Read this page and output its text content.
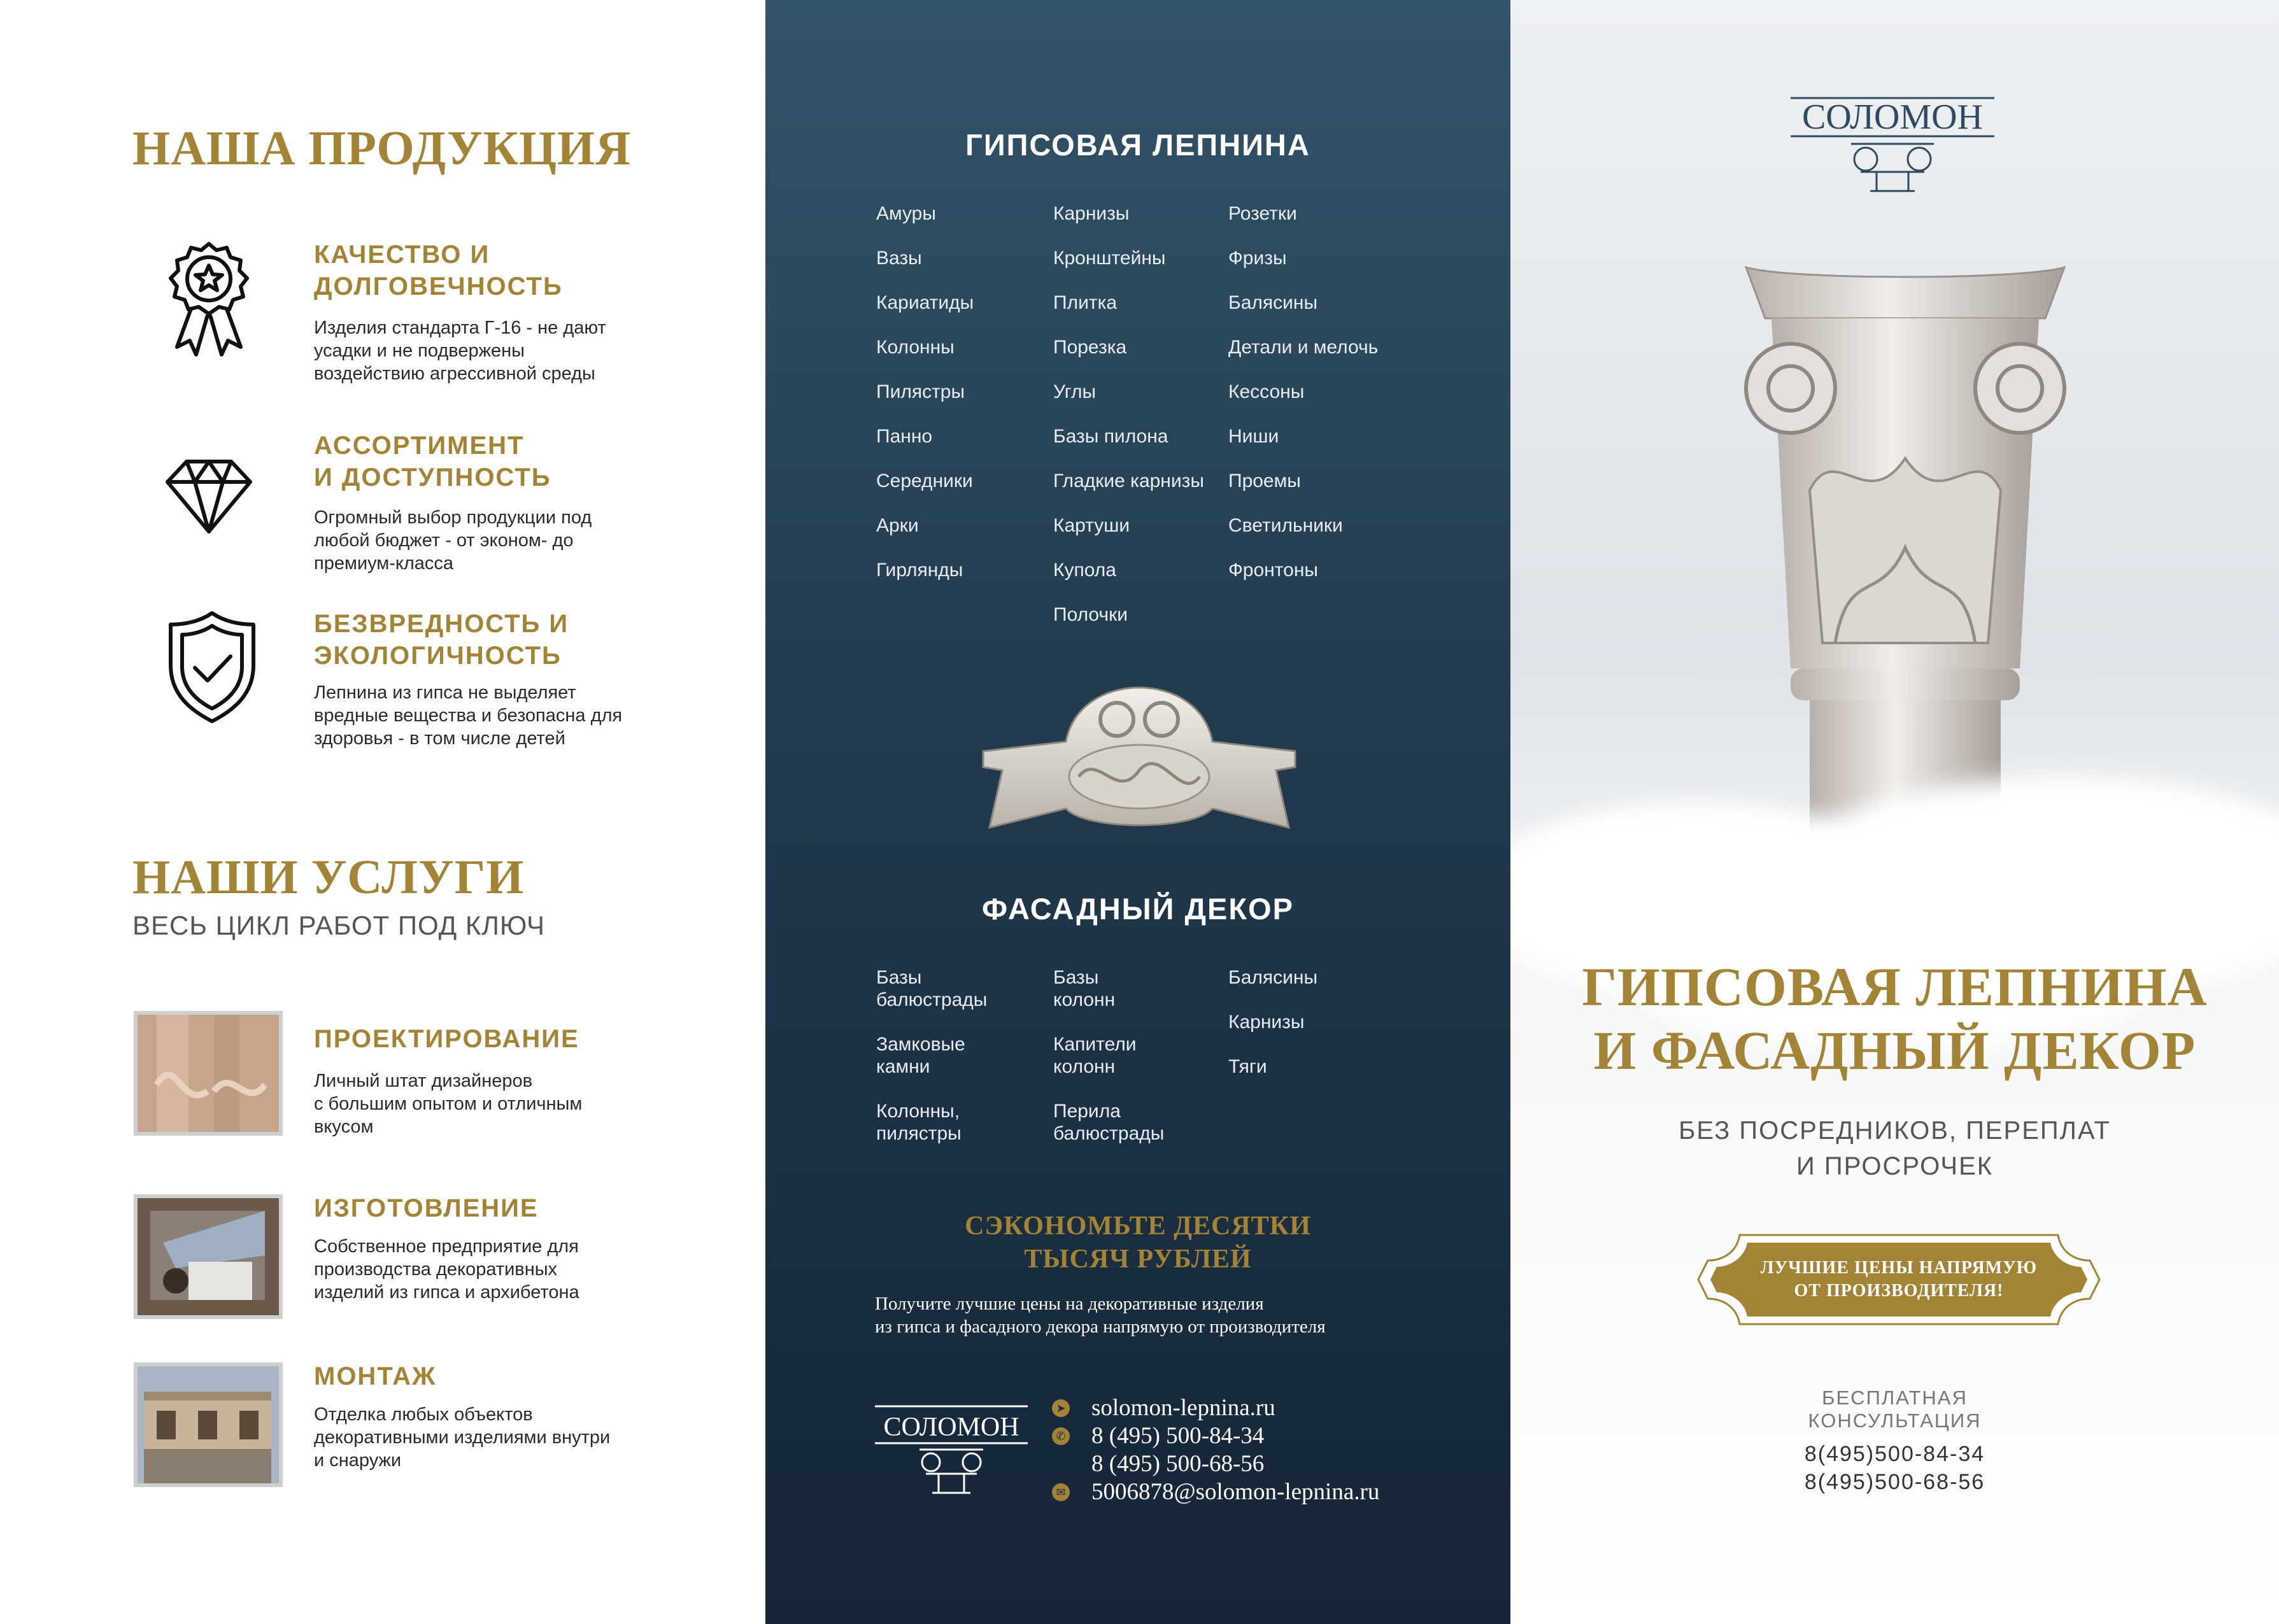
НАША ПРОДУКЦИЯ
КАЧЕСТВО И
ДОЛГОВЕЧНОСТЬ
Изделия стандарта Г-16 - не дают
усадки и не подвержены
воздействию агрессивной среды
АССОРТИМЕНТ
И ДОСТУПНОСТЬ
Огромный выбор продукции под
любой бюджет - от эконом- до
премиум-класса
БЕЗВРЕДНОСТЬ И
ЭКОЛОГИЧНОСТЬ
Лепнина из гипса не выделяет
вредные вещества и безопасна для
здоровья - в том числе детей
НАШИ УСЛУГИ
ВЕСЬ ЦИКЛ РАБОТ ПОД КЛЮЧ
ПРОЕКТИРОВАНИЕ
Личный штат дизайнеров
с большим опытом и отличным
вкусом
ИЗГОТОВЛЕНИЕ
Собственное предприятие для
производства декоративных
изделий из гипса и архибетона
МОНТАЖ
Отделка любых объектов
декоративными изделиями внутри
и снаружи
ГИПСОВАЯ ЛЕПНИНА
Амуры
Вазы
Кариатиды
Колонны
Пилястры
Панно
Середники
Арки
Гирлянды
Карнизы
Кронштейны
Плитка
Порезка
Углы
Базы пилона
Гладкие карнизы
Картуши
Купола
Полочки
Розетки
Фризы
Балясины
Детали и мелочь
Кессоны
Ниши
Проемы
Светильники
Фронтоны
ФАСАДНЫЙ ДЕКОР
Базы
балюстрады
Замковые
камни
Колонны,
пилястры
Базы
колонн
Капители
колонн
Перила
балюстрады
Балясины
Карнизы
Тяги
СЭКОНОМЬТЕ ДЕСЯТКИ
ТЫСЯЧ РУБЛЕЙ
Получите лучшие цены на декоративные изделия
из гипса и фасадного декора напрямую от производителя
СОЛОМОН
➤ solomon-lepnina.ru
✆ 8 (495) 500-84-34
8 (495) 500-68-56
✉ 5006878@solomon-lepnina.ru
СОЛОМОН
ГИПСОВАЯ ЛЕПНИНА
И ФАСАДНЫЙ ДЕКОР
БЕЗ ПОСРЕДНИКОВ, ПЕРЕПЛАТ
И ПРОСРОЧЕК
ЛУЧШИЕ ЦЕНЫ НАПРЯМУЮ
ОТ ПРОИЗВОДИТЕЛЯ!
БЕСПЛАТНАЯ
КОНСУЛЬТАЦИЯ
8(495)500-84-34
8(495)500-68-56
